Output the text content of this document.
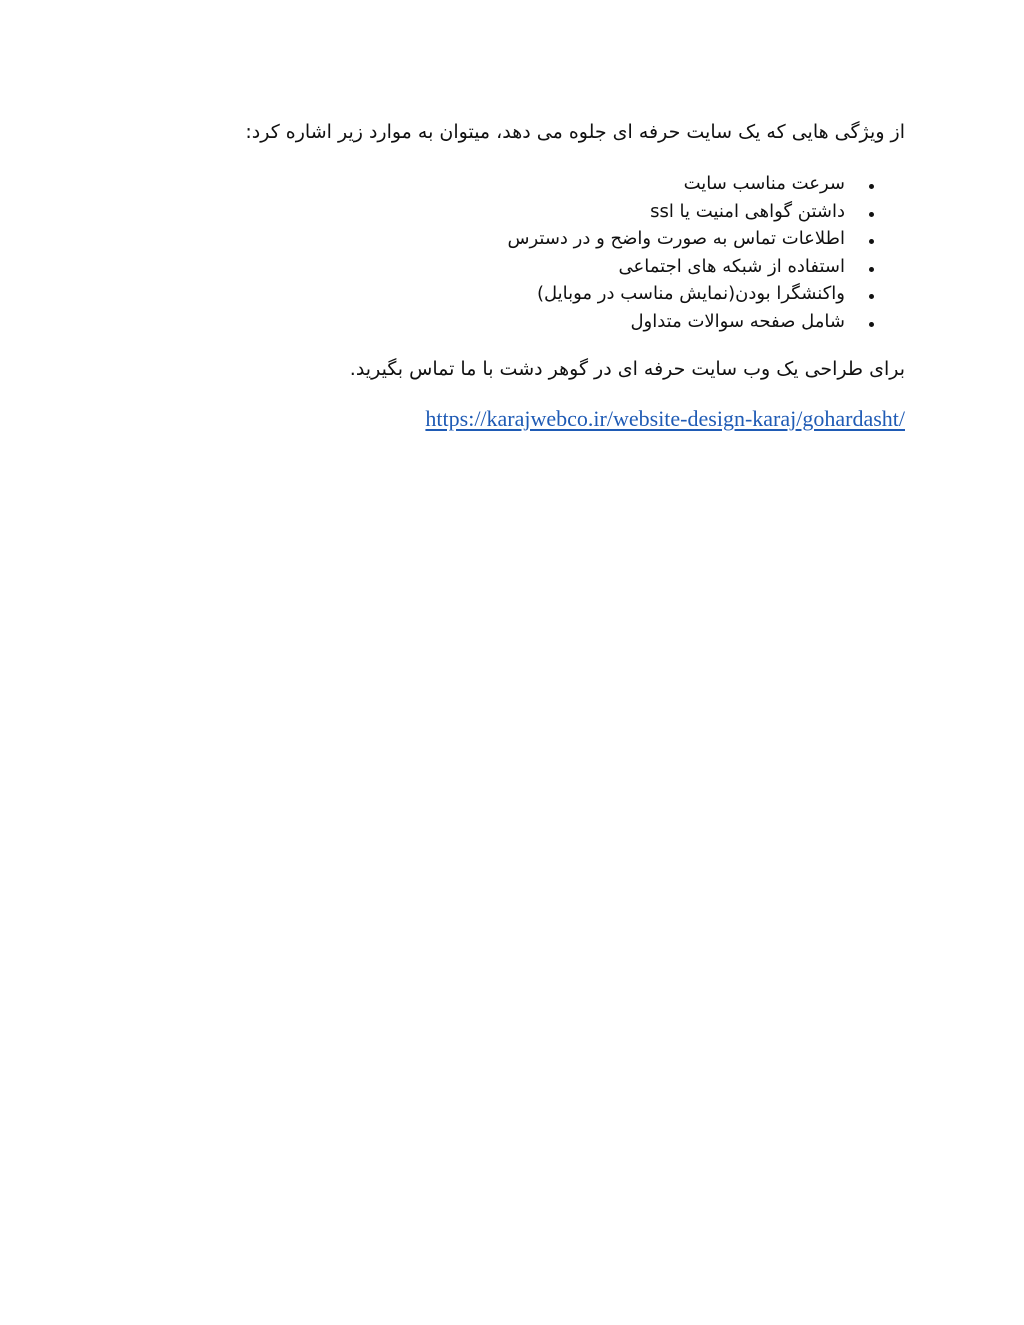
از ویژگی هایی که یک سایت حرفه ای جلوه می دهد، میتوان به موارد زیر اشاره کرد:

سرعت مناسب سایت
داشتن گواهی امنیت یا ssl
اطلاعات تماس به صورت واضح و در دسترس
استفاده از شبکه های اجتماعی
واکنشگرا بودن(نمایش مناسب در موبایل)
شامل صفحه سوالات متداول

برای طراحی یک وب سایت حرفه ای در گوهر دشت با ما تماس بگیرید.

https://karajwebco.ir/website-design-karaj/gohardasht/
